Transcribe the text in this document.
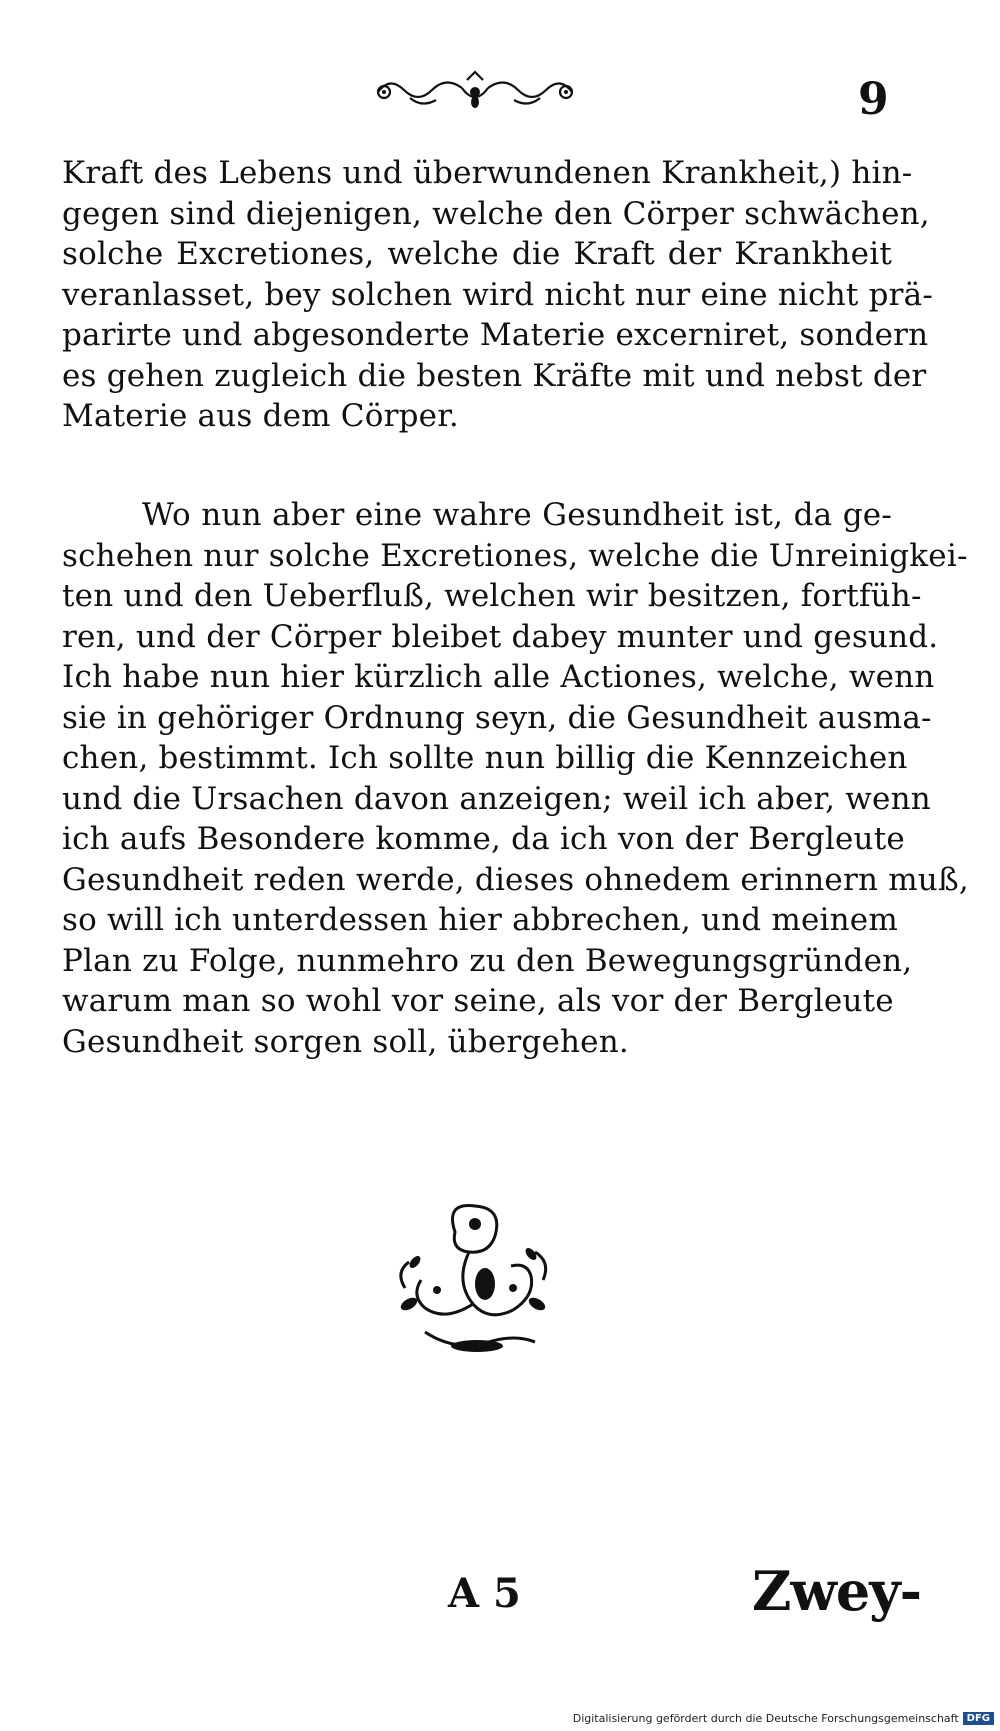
9
Kraft des Lebens und überwundenen Krankheit,) hin-
gegen sind diejenigen, welche den Cörper schwächen,
solche Excretiones, welche die Kraft der Krankheit
veranlasset, bey solchen wird nicht nur eine nicht prä-
parirte und abgesonderte Materie excerniret, sondern
es gehen zugleich die besten Kräfte mit und nebst der
Materie aus dem Cörper.
Wo nun aber eine wahre Gesundheit ist, da ge-
schehen nur solche Excretiones, welche die Unreinigkei-
ten und den Ueberfluß, welchen wir besitzen, fortfüh-
ren, und der Cörper bleibet dabey munter und gesund.
Ich habe nun hier kürzlich alle Actiones, welche, wenn
sie in gehöriger Ordnung seyn, die Gesundheit ausma-
chen, bestimmt. Ich sollte nun billig die Kennzeichen
und die Ursachen davon anzeigen; weil ich aber, wenn
ich aufs Besondere komme, da ich von der Bergleute
Gesundheit reden werde, dieses ohnedem erinnern muß,
so will ich unterdessen hier abbrechen, und meinem
Plan zu Folge, nunmehro zu den Bewegungsgründen,
warum man so wohl vor seine, als vor der Bergleute
Gesundheit sorgen soll, übergehen.
A 5	Zwey-
Digitalisierung gefördert durch die Deutsche Forschungsgemeinschaft DFG
